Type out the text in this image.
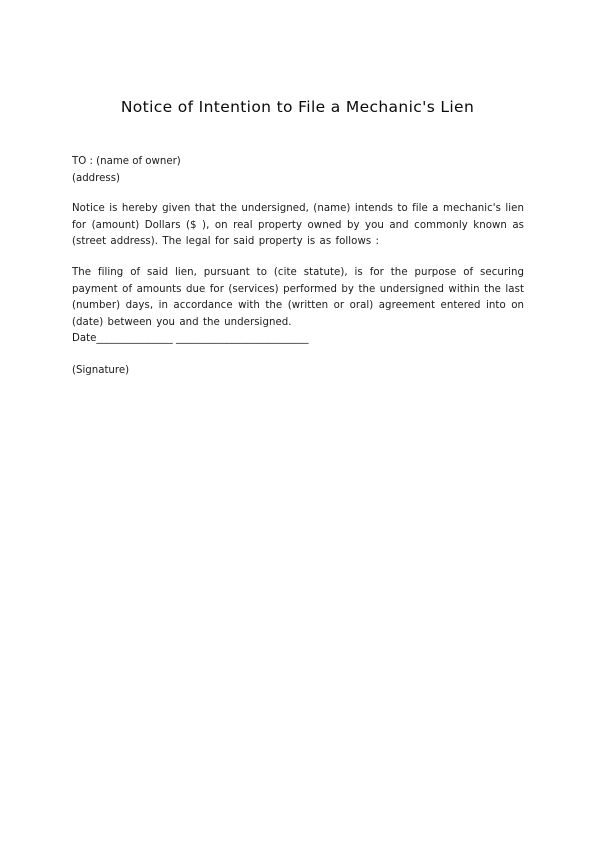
Notice of Intention to File a Mechanic's Lien
TO : (name of owner)
(address)
Notice is hereby given that the undersigned, (name) intends to file a mechanic's lien for (amount) Dollars ($ ), on real property owned by you and commonly known as (street address). The legal for said property is as follows :
The filing of said lien, pursuant to (cite statute), is for the purpose of securing payment of amounts due for (services) performed by the undersigned within the last (number) days, in accordance with the (written or oral) agreement entered into on (date) between you and the undersigned.
Date_______________ __________________________
(Signature)
